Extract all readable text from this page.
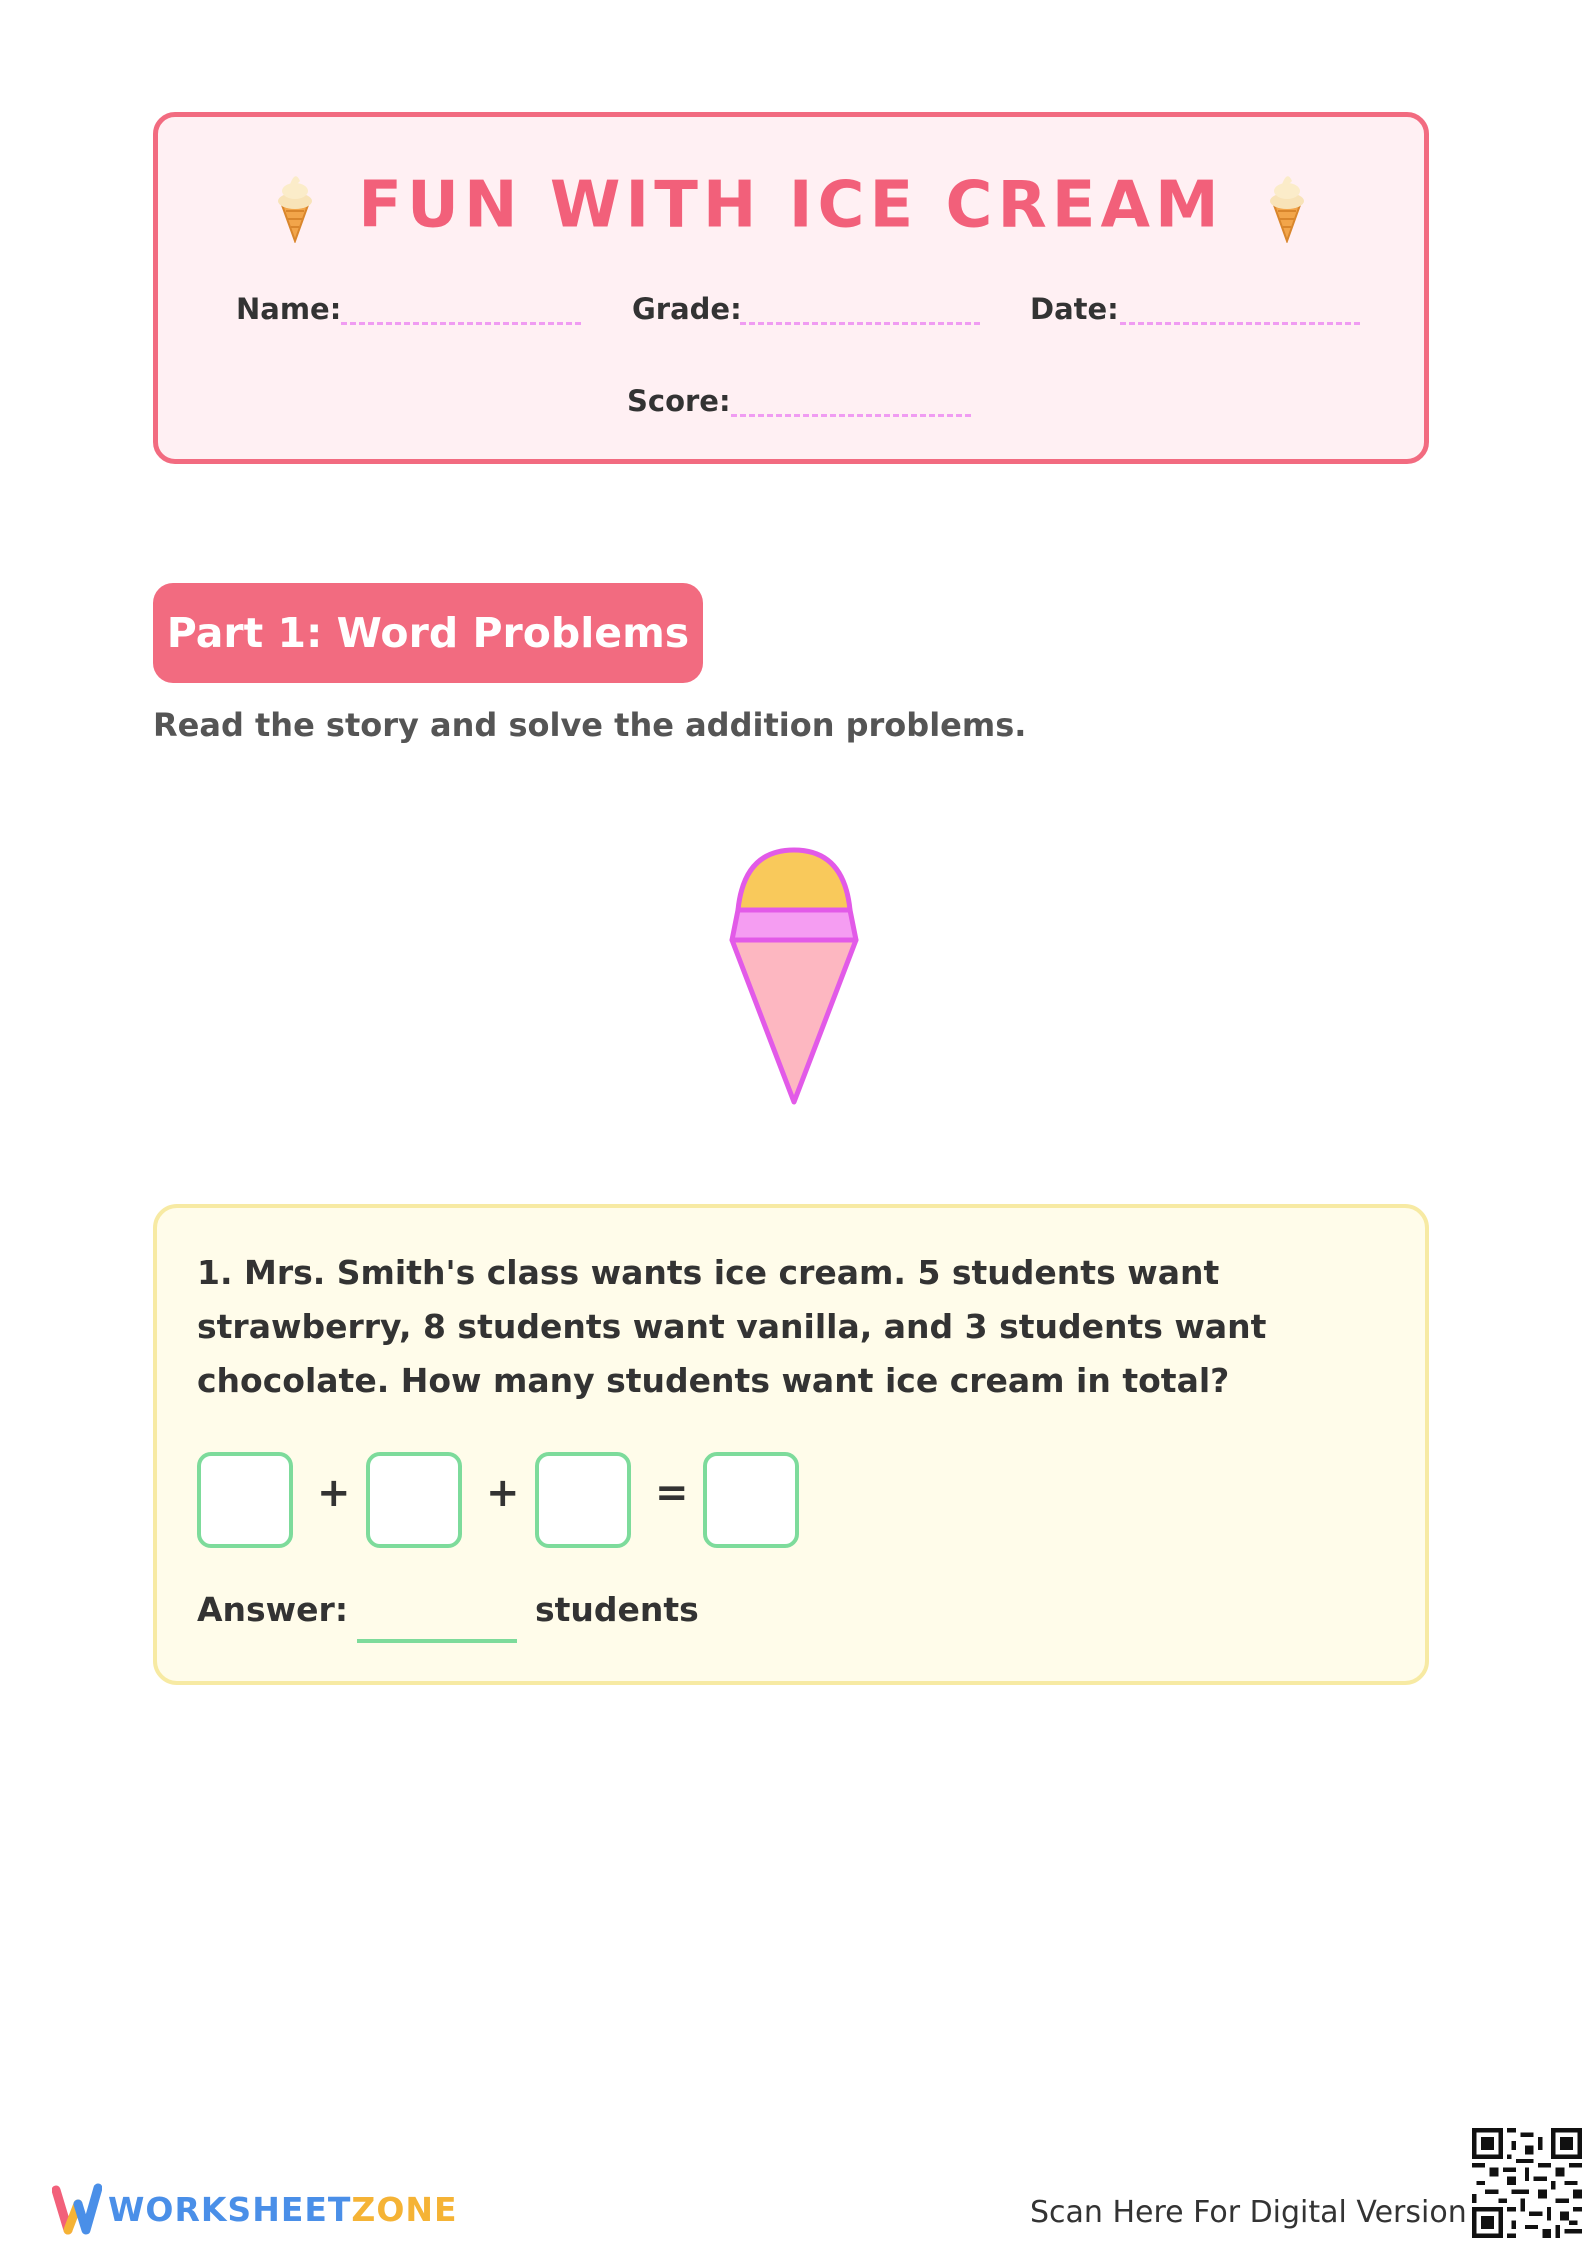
FUN WITH ICE CREAM
Name:	Grade:	Date:
Score:
Part 1: Word Problems
Read the story and solve the addition problems.
1. Mrs. Smith's class wants ice cream. 5 students want strawberry, 8 students want vanilla, and 3 students want chocolate. How many students want ice cream in total?
+	+	=
Answer:	students
WORKSHEETZONE	Scan Here For Digital Version
